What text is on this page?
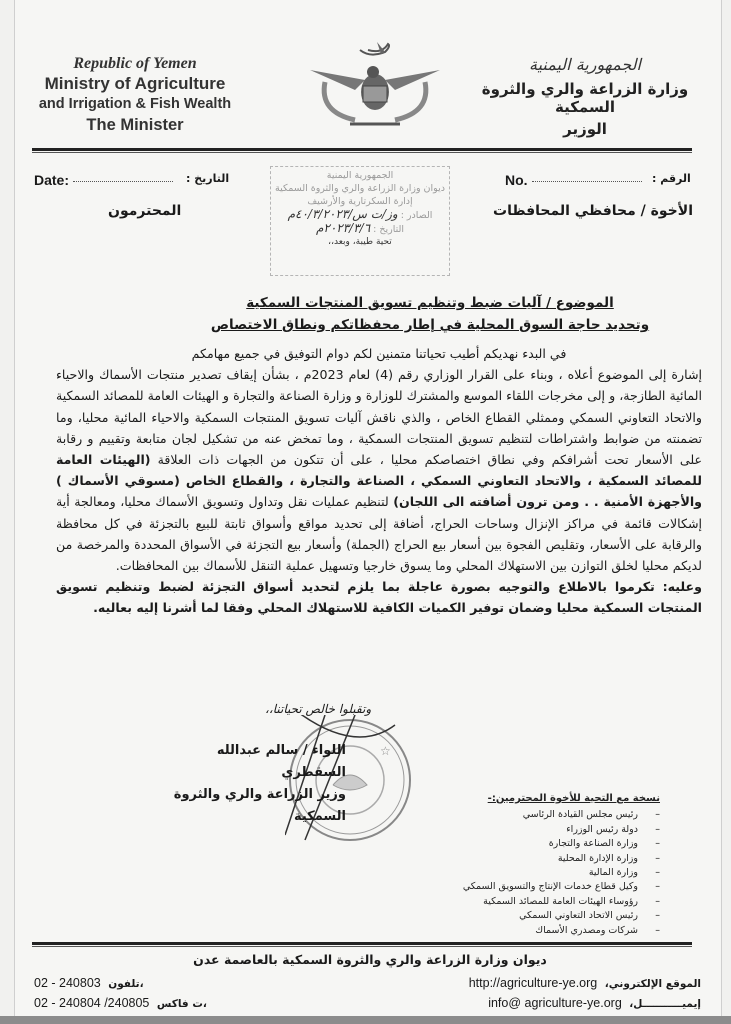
Republic of Yemen
Ministry of Agriculture
and Irrigation & Fish Wealth
The Minister
الجمهورية اليمنية
وزارة الزراعة والري والثروة السمكية
الوزير
Date:	التاريخ :	No.	الرقم :
الأخوة / محافظي المحافظات
المحترمون
الجمهورية اليمنية
ديوان وزارة الزراعة والري والثروة السمكية
إدارة السكرتارية والأرشيف
الصادر : وز/ت س/٤٠/٣/٢٠٢٣م
التاريخ : ٢٠٢٣/٣/٦م
تحية طيبة، وبعد،،
الموضوع / آليات ضبط وتنظيم تسويق المنتجات السمكية
وتحديد حاجة السوق المحلية في إطار محفظاتكم ونطاق الاختصاص

في البدء نهديكم أطيب تحياتنا متمنين لكم دوام التوفيق في جميع مهامكم

إشارة إلى الموضوع أعلاه ، وبناء على القرار الوزاري رقم (4) لعام 2023م ، بشأن إيقاف تصدير منتجات الأسماك والاحياء المائية الطازجة، و إلى مخرجات اللقاء الموسع والمشترك للوزارة و وزارة الصناعة والتجارة و الهيئات العامة للمصائد السمكية والاتحاد التعاوني السمكي وممثلي القطاع الخاص ، والذي ناقش آليات تسويق المنتجات السمكية والاحياء المائية محليا، وما تضمنته من ضوابط واشتراطات لتنظيم تسويق المنتجات السمكية ، وما تمخض عنه من تشكيل لجان متابعة وتقييم و رقابة على الأسعار تحت أشرافكم وفي نطاق اختصاصكم محليا ، على أن تتكون من الجهات ذات العلاقة (الهيئات العامة للمصائد السمكية ، والاتحاد التعاوني السمكي ، الصناعة والتجارة ، والقطاع الخاص (مسوقي الأسماك ) والأجهزة الأمنية . . ومن ترون أضافته الى اللجان) لتنظيم عمليات نقل وتداول وتسويق الأسماك محليا، ومعالجة أية إشكالات قائمة في مراكز الإنزال وساحات الحراج، أضافة إلى تحديد مواقع وأسواق ثابتة للبيع بالتجزئة في كل محافظة والرقابة على الأسعار، وتقليص الفجوة بين أسعار بيع الحراج (الجملة) وأسعار بيع التجزئة في الأسواق المحددة والمرخصة من لديكم محليا لخلق التوازن بين الاستهلاك المحلي وما يسوق خارجيا وتسهيل عملية التنقل للأسماك بين المحافظات.

وعليه: تكرموا بالاطلاع والتوجيه بصورة عاجلة بما يلزم لتحديد أسواق التجزئة لضبط وتنظيم تسويق المنتجات السمكية محليا وضمان توفير الكميات الكافية للاستهلاك المحلي وفقا لما أشرنا إليه بعاليه.

وتقبلوا خالص تحياتنا،،
☆
اللواء / سالم عبدالله السقطري
وزير الزراعة والري والثروة السمكية
نسخة مع التحية للأخوة المحترمين:-
– رئيس مجلس القيادة الرئاسي
– دولة رئيس الوزراء
– وزارة الصناعة والتجارة
– وزارة الإدارة المحلية
– وزارة المالية
– وكيل قطاع خدمات الإنتاج والتسويق السمكي
– رؤوساء الهيئات العامة للمصائد السمكية
– رئيس الاتحاد التعاوني السمكي
– شركات ومصدري الأسماك
ديوان وزارة الزراعة والري والثروة السمكية بالعاصمة عدن
الموقع الإلكتروني، http://agriculture-ye.org
إيميـــــــــــل، info@ agriculture-ye.org
02 - 240803 تلفون،
02 - 240804 /240805 ت فاكس،
